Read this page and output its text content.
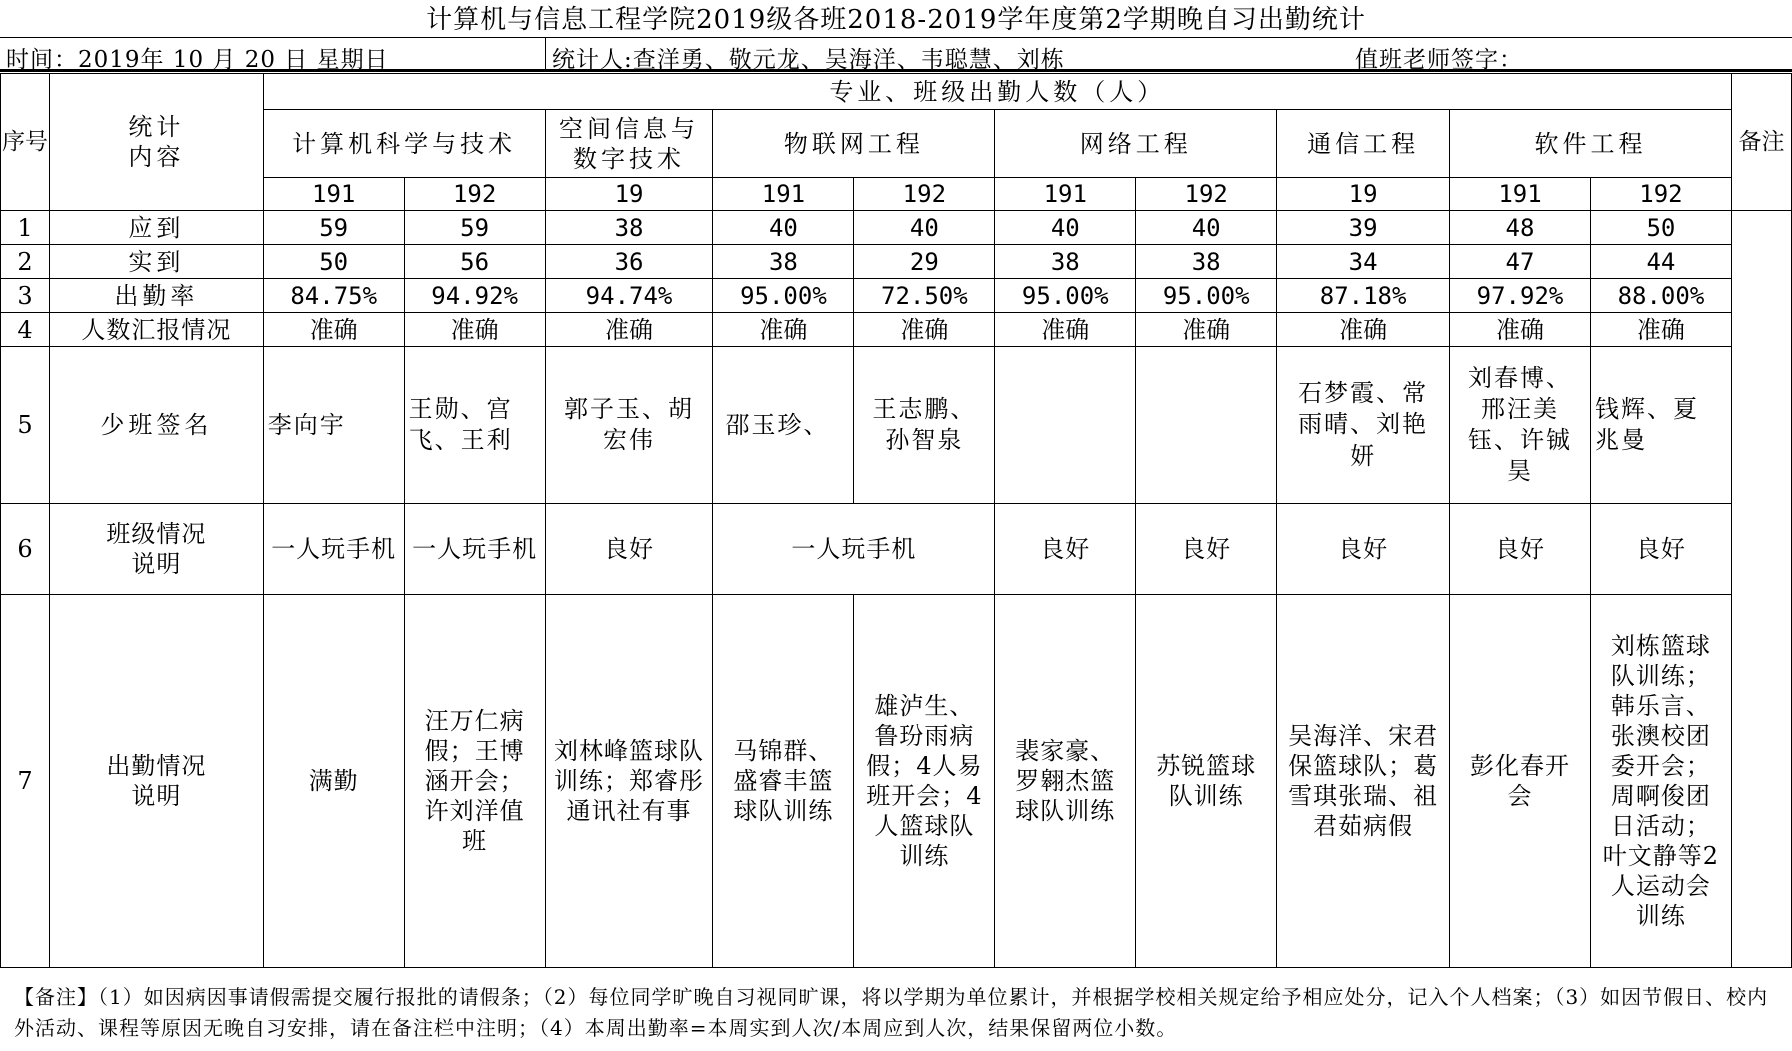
计算机与信息工程学院2019级各班2018-2019学年度第2学期晚自习出勤统计
时间：2019年 10 月 20 日 星期日	统计人:查洋勇、敬元龙、吴海洋、韦聪慧、刘栋	值班老师签字：
序号	统计
内容	专业、班级出勤人数（人）										备注
		计算机科学与技术		空间信息与
数字技术	物联网工程		网络工程		通信工程	软件工程		
		191	192	19	191	192	191	192	19	191	192	
1	应到	59	59	38	40	40	40	40	39	48	50	
2	实到	50	56	36	38	29	38	38	34	47	44	
3	出勤率	84.75%	94.92%	94.74%	95.00%	72.50%	95.00%	95.00%	87.18%	97.92%	88.00%	
4	人数汇报情况	准确	准确	准确	准确	准确	准确	准确	准确	准确	准确	
5	少班签名	李向宇	王勋、宫飞、王利	郭子玉、胡宏伟	邵玉珍、	王志鹏、孙智泉			石梦霞、常雨晴、刘艳妍	刘春博、邢汪美钰、许铖昊	钱辉、夏兆曼	
6	班级情况
说明	一人玩手机	一人玩手机	良好	一人玩手机		良好	良好	良好	良好	良好	
7	出勤情况
说明	满勤	汪万仁病假；王博涵开会；许刘洋值班	刘林峰篮球队训练；郑睿彤通讯社有事	马锦群、盛睿丰篮球队训练	雄泸生、鲁玢雨病假；4人易班开会；4人篮球队训练	裴家豪、罗翱杰篮球队训练	苏锐篮球队训练	吴海洋、宋君保篮球队；葛雪琪张瑞、祖君茹病假	彭化春开会	刘栋篮球队训练；韩乐言、张澳校团委开会；周啊俊团日活动；叶文静等2人运动会训练	
【备注】（1）如因病因事请假需提交履行报批的请假条；（2）每位同学旷晚自习视同旷课，将以学期为单位累计，并根据学校相关规定给予相应处分，记入个人档案；（3）如因节假日、校内外活动、课程等原因无晚自习安排，请在备注栏中注明；（4）本周出勤率=本周实到人次/本周应到人次，结果保留两位小数。
